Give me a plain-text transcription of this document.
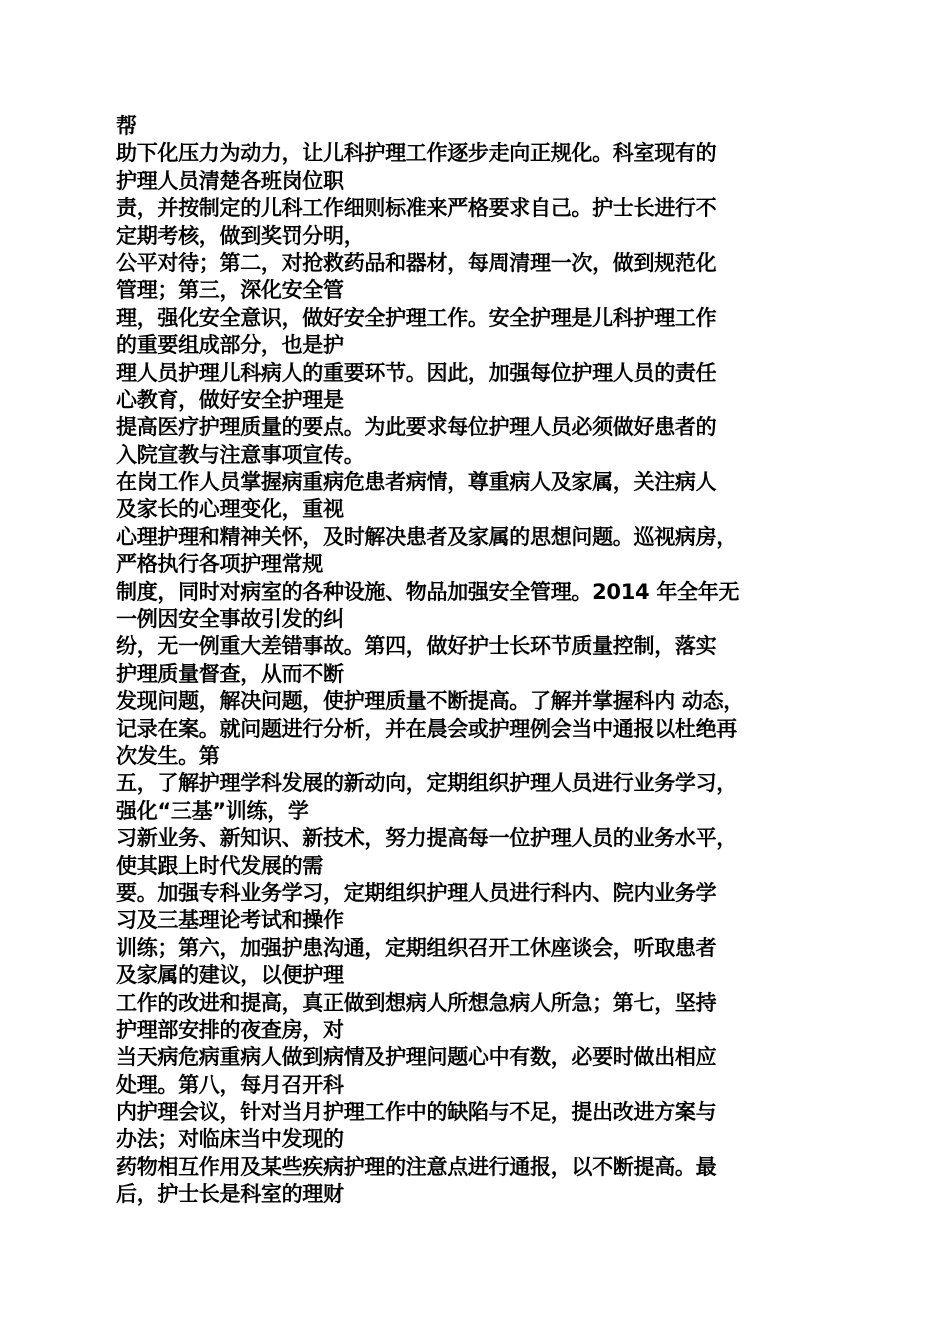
帮
助下化压力为动力，让儿科护理工作逐步走向正规化。科室现有的
护理人员清楚各班岗位职
责，并按制定的儿科工作细则标准来严格要求自己。护士长进行不
定期考核，做到奖罚分明，
公平对待；第二，对抢救药品和器材，每周清理一次，做到规范化
管理；第三，深化安全管
理，强化安全意识，做好安全护理工作。安全护理是儿科护理工作
的重要组成部分，也是护
理人员护理儿科病人的重要环节。因此，加强每位护理人员的责任
心教育，做好安全护理是
提高医疗护理质量的要点。为此要求每位护理人员必须做好患者的
入院宣教与注意事项宣传。
在岗工作人员掌握病重病危患者病情，尊重病人及家属，关注病人
及家长的心理变化，重视
心理护理和精神关怀，及时解决患者及家属的思想问题。巡视病房，
严格执行各项护理常规
制度，同时对病室的各种设施、物品加强安全管理。2014 年全年无
一例因安全事故引发的纠
纷，无一例重大差错事故。第四，做好护士长环节质量控制，落实
护理质量督查，从而不断
发现问题，解决问题，使护理质量不断提高。了解并掌握科内 动态，
记录在案。就问题进行分析，并在晨会或护理例会当中通报以杜绝再
次发生。第
五，了解护理学科发展的新动向，定期组织护理人员进行业务学习，
强化“三基”训练，学
习新业务、新知识、新技术，努力提高每一位护理人员的业务水平，
使其跟上时代发展的需
要。加强专科业务学习，定期组织护理人员进行科内、院内业务学
习及三基理论考试和操作
训练；第六，加强护患沟通，定期组织召开工休座谈会，听取患者
及家属的建议，以便护理
工作的改进和提高，真正做到想病人所想急病人所急；第七，坚持
护理部安排的夜查房，对
当天病危病重病人做到病情及护理问题心中有数，必要时做出相应
处理。第八，每月召开科
内护理会议，针对当月护理工作中的缺陷与不足，提出改进方案与
办法；对临床当中发现的
药物相互作用及某些疾病护理的注意点进行通报，以不断提高。最
后，护士长是科室的理财
